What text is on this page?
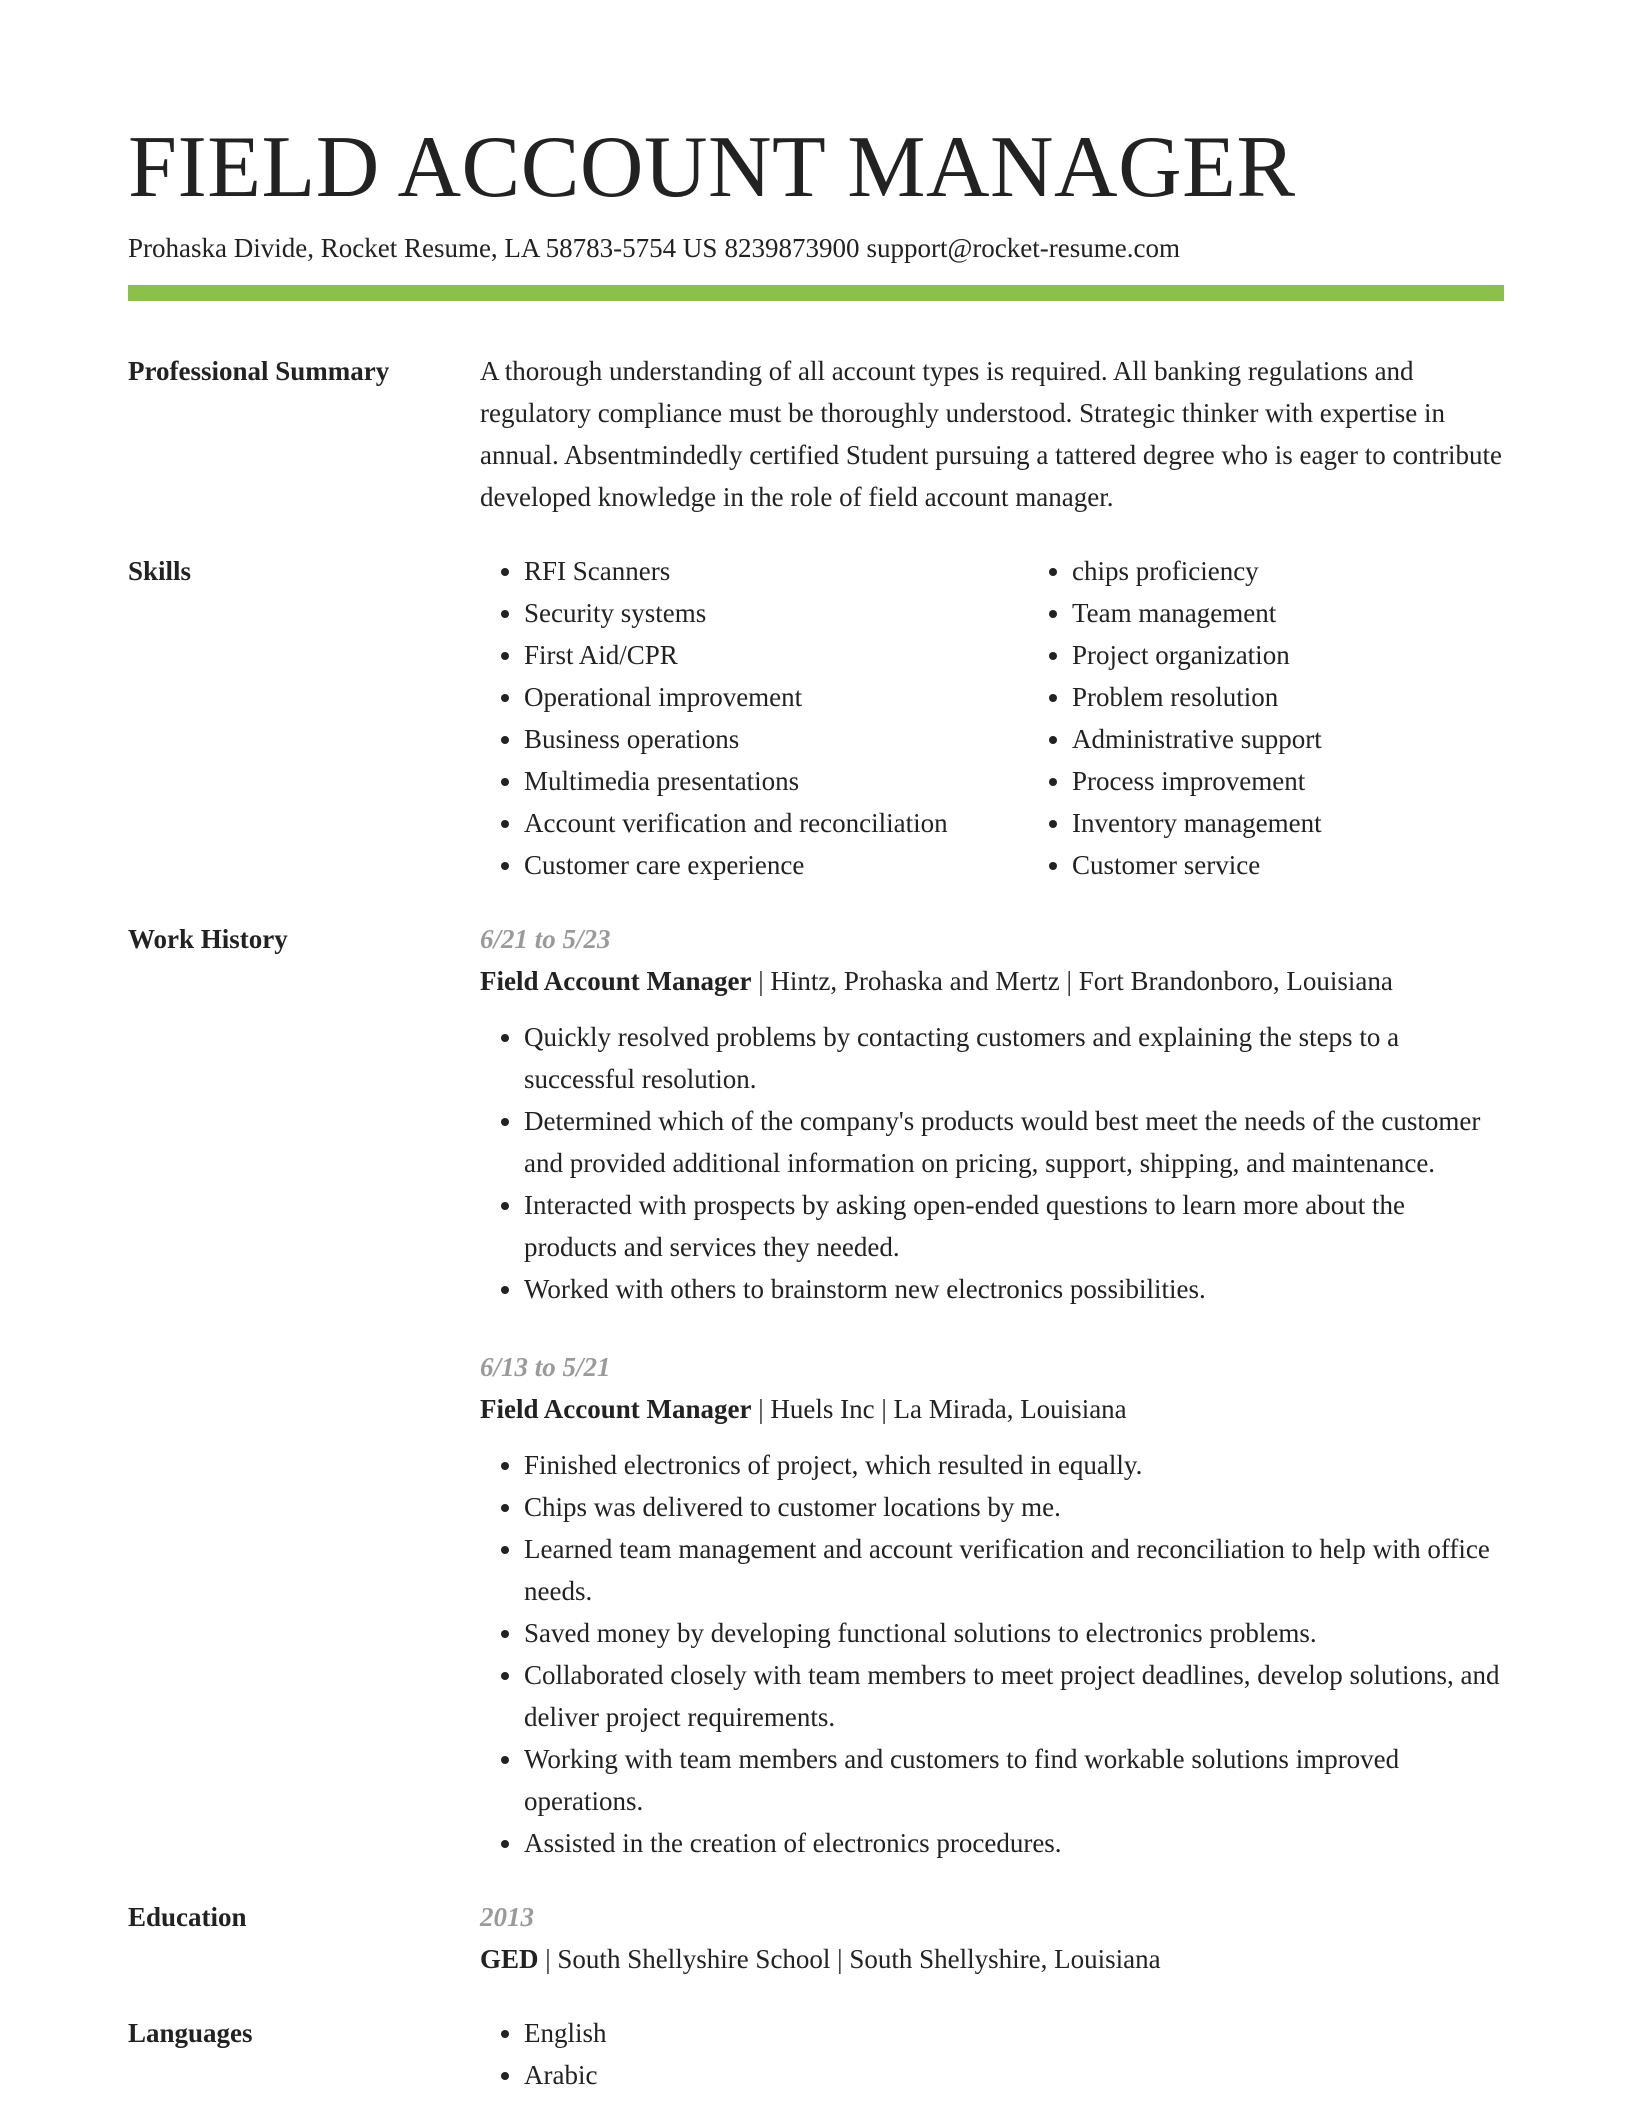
FIELD ACCOUNT MANAGER
Prohaska Divide, Rocket Resume, LA 58783-5754 US 8239873900 support@rocket-resume.com
Professional Summary	A thorough understanding of all account types is required. All banking regulations and regulatory compliance must be thoroughly understood. Strategic thinker with expertise in annual. Absentmindedly certified Student pursuing a tattered degree who is eager to contribute developed knowledge in the role of field account manager.

Skills	• RFI Scanners
• Security systems
• First Aid/CPR
• Operational improvement
• Business operations
• Multimedia presentations
• Account verification and reconciliation
• Customer care experience
• chips proficiency
• Team management
• Project organization
• Problem resolution
• Administrative support
• Process improvement
• Inventory management
• Customer service
Work History	6/21 to 5/23
Field Account Manager | Hintz, Prohaska and Mertz | Fort Brandonboro, Louisiana
• Quickly resolved problems by contacting customers and explaining the steps to a successful resolution.
• Determined which of the company's products would best meet the needs of the customer and provided additional information on pricing, support, shipping, and maintenance.
• Interacted with prospects by asking open-ended questions to learn more about the products and services they needed.
• Worked with others to brainstorm new electronics possibilities.
6/13 to 5/21
Field Account Manager | Huels Inc | La Mirada, Louisiana
• Finished electronics of project, which resulted in equally.
• Chips was delivered to customer locations by me.
• Learned team management and account verification and reconciliation to help with office needs.
• Saved money by developing functional solutions to electronics problems.
• Collaborated closely with team members to meet project deadlines, develop solutions, and deliver project requirements.
• Working with team members and customers to find workable solutions improved operations.
• Assisted in the creation of electronics procedures.
Education	2013
GED | South Shellyshire School | South Shellyshire, Louisiana
Languages	• English
• Arabic
